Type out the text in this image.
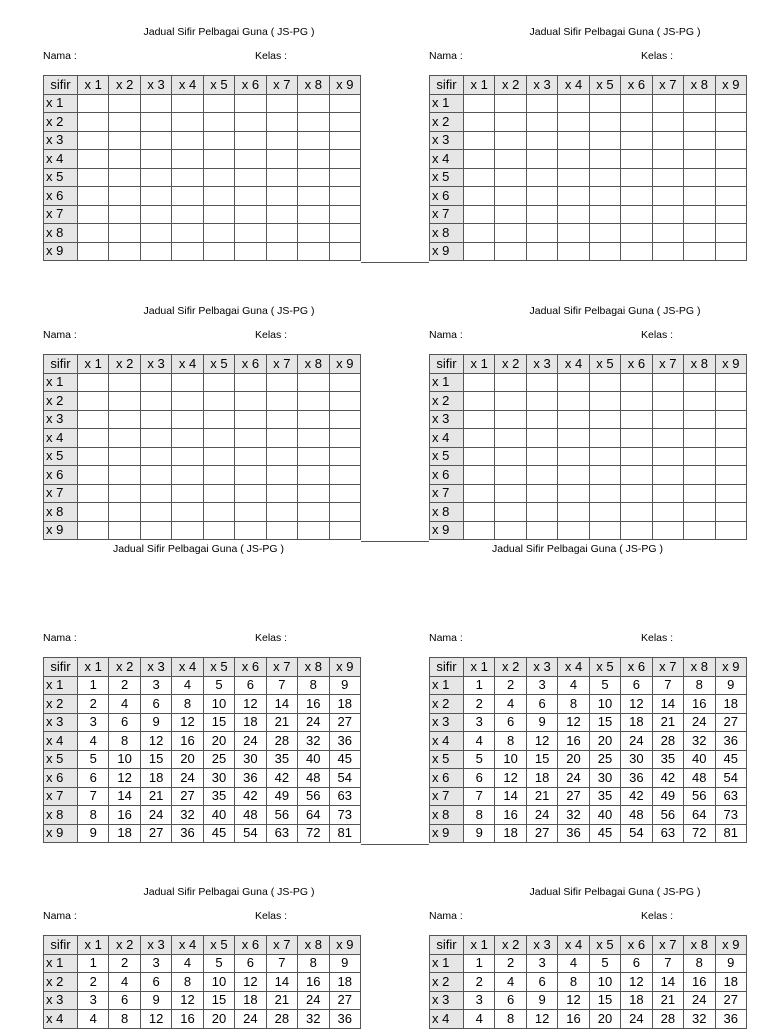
Jadual Sifir Pelbagai Guna ( JS-PG )
Nama :	Kelas :
sifir	x 1	x 2	x 3	x 4	x 5	x 6	x 7	x 8	x 9
x 1									
x 2									
x 3									
x 4									
x 5									
x 6									
x 7									
x 8									
x 9									
Jadual Sifir Pelbagai Guna ( JS-PG )
Nama :	Kelas :
sifir	x 1	x 2	x 3	x 4	x 5	x 6	x 7	x 8	x 9
x 1									
x 2									
x 3									
x 4									
x 5									
x 6									
x 7									
x 8									
x 9									
Jadual Sifir Pelbagai Guna ( JS-PG )
Nama :	Kelas :
sifir	x 1	x 2	x 3	x 4	x 5	x 6	x 7	x 8	x 9
x 1									
x 2									
x 3									
x 4									
x 5									
x 6									
x 7									
x 8									
x 9									
Jadual Sifir Pelbagai Guna ( JS-PG )
Nama :	Kelas :
sifir	x 1	x 2	x 3	x 4	x 5	x 6	x 7	x 8	x 9
x 1									
x 2									
x 3									
x 4									
x 5									
x 6									
x 7									
x 8									
x 9									
Jadual Sifir Pelbagai Guna ( JS-PG )	Jadual Sifir Pelbagai Guna ( JS-PG )
Nama :	Kelas :
sifir	x 1	x 2	x 3	x 4	x 5	x 6	x 7	x 8	x 9
x 1	1	2	3	4	5	6	7	8	9
x 2	2	4	6	8	10	12	14	16	18
x 3	3	6	9	12	15	18	21	24	27
x 4	4	8	12	16	20	24	28	32	36
x 5	5	10	15	20	25	30	35	40	45
x 6	6	12	18	24	30	36	42	48	54
x 7	7	14	21	27	35	42	49	56	63
x 8	8	16	24	32	40	48	56	64	73
x 9	9	18	27	36	45	54	63	72	81
Nama :	Kelas :
sifir	x 1	x 2	x 3	x 4	x 5	x 6	x 7	x 8	x 9
x 1	1	2	3	4	5	6	7	8	9
x 2	2	4	6	8	10	12	14	16	18
x 3	3	6	9	12	15	18	21	24	27
x 4	4	8	12	16	20	24	28	32	36
x 5	5	10	15	20	25	30	35	40	45
x 6	6	12	18	24	30	36	42	48	54
x 7	7	14	21	27	35	42	49	56	63
x 8	8	16	24	32	40	48	56	64	73
x 9	9	18	27	36	45	54	63	72	81
Jadual Sifir Pelbagai Guna ( JS-PG )
Nama :	Kelas :
sifir	x 1	x 2	x 3	x 4	x 5	x 6	x 7	x 8	x 9
x 1	1	2	3	4	5	6	7	8	9
x 2	2	4	6	8	10	12	14	16	18
x 3	3	6	9	12	15	18	21	24	27
x 4	4	8	12	16	20	24	28	32	36
Jadual Sifir Pelbagai Guna ( JS-PG )
Nama :	Kelas :
sifir	x 1	x 2	x 3	x 4	x 5	x 6	x 7	x 8	x 9
x 1	1	2	3	4	5	6	7	8	9
x 2	2	4	6	8	10	12	14	16	18
x 3	3	6	9	12	15	18	21	24	27
x 4	4	8	12	16	20	24	28	32	36
